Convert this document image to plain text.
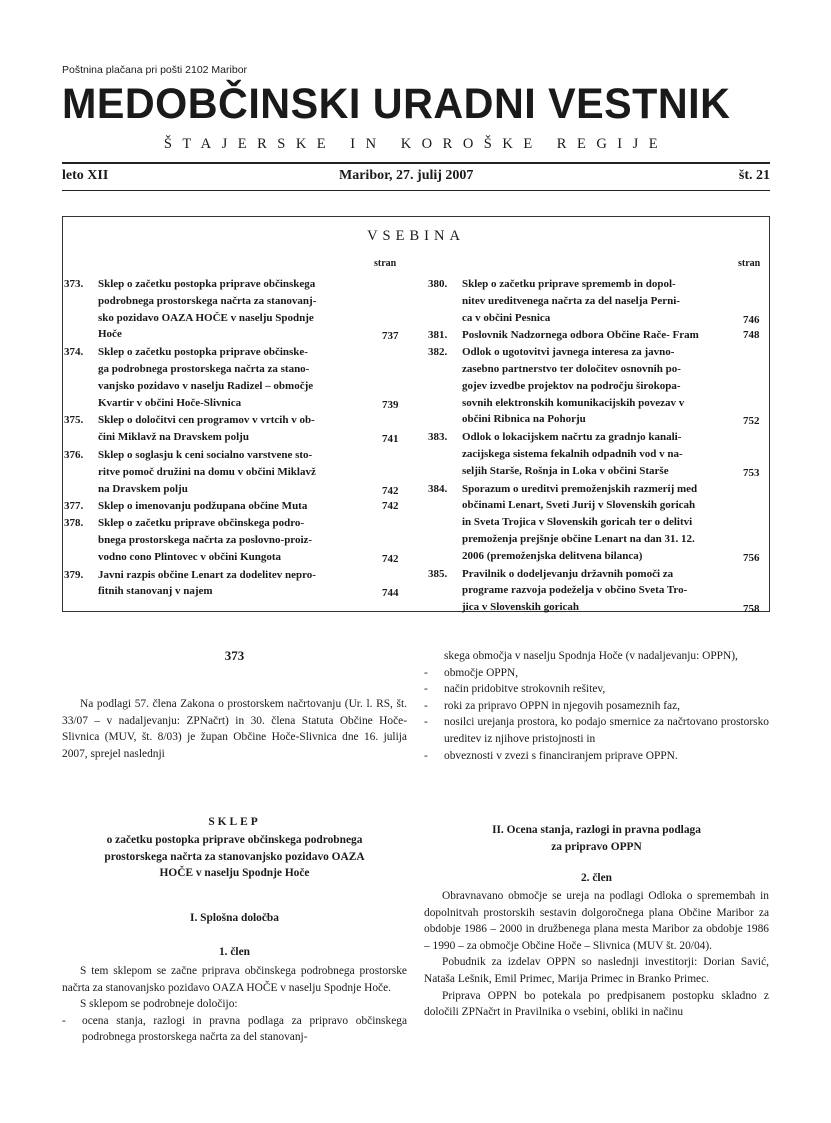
Poštnina plačana pri pošti 2102 Maribor
MEDOBČINSKI URADNI VESTNIK
ŠTAJERSKE IN KOROŠKE REGIJE
leto XII	Maribor, 27. julij 2007	št. 21
VSEBINA
stran	stran
373. Sklep o začetku postopka priprave občinskega
podrobnega prostorskega načrta za stanovanj-
sko pozidavo OAZA HOČE v naselju Spodnje
Hoče	737
374. Sklep o začetku postopka priprave občinske-
ga podrobnega prostorskega načrta za stano-
vanjsko pozidavo v naselju Radizel – območje
Kvartir v občini Hoče-Slivnica	739
375. Sklep o določitvi cen programov v vrtcih v ob-
čini Miklavž na Dravskem polju	741
376. Sklep o soglasju k ceni socialno varstvene sto-
ritve pomoč družini na domu v občini Miklavž
na Dravskem polju	742
377. Sklep o imenovanju podžupana občine Muta	742
378. Sklep o začetku priprave občinskega podro-
bnega prostorskega načrta za poslovno-proiz-
vodno cono Plintovec v občini Kungota	742
379. Javni razpis občine Lenart za dodelitev nepro-
fitnih stanovanj v najem	744
380. Sklep o začetku priprave sprememb in dopol-
nitev ureditvenega načrta za del naselja Perni-
ca v občini Pesnica	746
381. Poslovnik Nadzornega odbora Občine Rače- Fram	748
382. Odlok o ugotovitvi javnega interesa za javno-
zasebno partnerstvo ter določitev osnovnih po-
gojev izvedbe projektov na področju širokopa-
sovnih elektronskih komunikacijskih povezav v
občini Ribnica na Pohorju	752
383. Odlok o lokacijskem načrtu za gradnjo kanali-
zacijskega sistema fekalnih odpadnih vod v na-
seljih Starše, Rošnja in Loka v občini Starše	753
384. Sporazum o ureditvi premoženjskih razmerij med
občinami Lenart, Sveti Jurij v Slovenskih goricah
in Sveta Trojica v Slovenskih goricah ter o delitvi
premoženja prejšnje občine Lenart na dan 31. 12.
2006 (premoženjska delitvena bilanca)	756
385. Pravilnik o dodeljevanju državnih pomoči za
programe razvoja podeželja v občino Sveta Tro-
jica v Slovenskih goricah	758
373
Na podlagi 57. člena Zakona o prostorskem načrtovanju (Ur. l. RS, št. 33/07 – v nadaljevanju: ZPNačrt) in 30. člena Statuta Občine Hoče-Slivnica (MUV, št. 8/03) je župan Občine Hoče-Slivnica dne 16. julija 2007, sprejel naslednji
SKLEP
o začetku postopka priprave občinskega podrobnega
prostorskega načrta za stanovanjsko pozidavo OAZA
HOČE v naselju Spodnje Hoče
I. Splošna določba
1. člen
S tem sklepom se začne priprava občinskega podrobnega prostorske načrta za stanovanjsko pozidavo OAZA HOČE v naselju Spodnje Hoče.
S sklepom se podrobneje določijo:
- ocena stanja, razlogi in pravna podlaga za pripravo občinskega podrobnega prostorskega načrta za del stanovanj-
skega območja v naselju Spodnja Hoče (v nadaljevanju: OPPN),
- območje OPPN,
- način pridobitve strokovnih rešitev,
- roki za pripravo OPPN in njegovih posameznih faz,
- nosilci urejanja prostora, ko podajo smernice za načrtovano prostorsko ureditev iz njihove pristojnosti in
- obveznosti v zvezi s financiranjem priprave OPPN.
II. Ocena stanja, razlogi in pravna podlaga
za pripravo OPPN
2. člen
Obravnavano območje se ureja na podlagi Odloka o spremembah in dopolnitvah prostorskih sestavin dolgoročnega plana Občine Maribor za obdobje 1986 – 2000 in družbenega plana mesta Maribor za obdobje 1986 – 1990 – za območje Občine Hoče – Slivnica (MUV št. 20/04).
Pobudnik za izdelav OPPN so naslednji investitorji: Dorian Savić, Nataša Lešnik, Emil Primec, Marija Primec in Branko Primec.
Priprava OPPN bo potekala po predpisanem postopku skladno z določili ZPNačrt in Pravilnika o vsebini, obliki in načinu
